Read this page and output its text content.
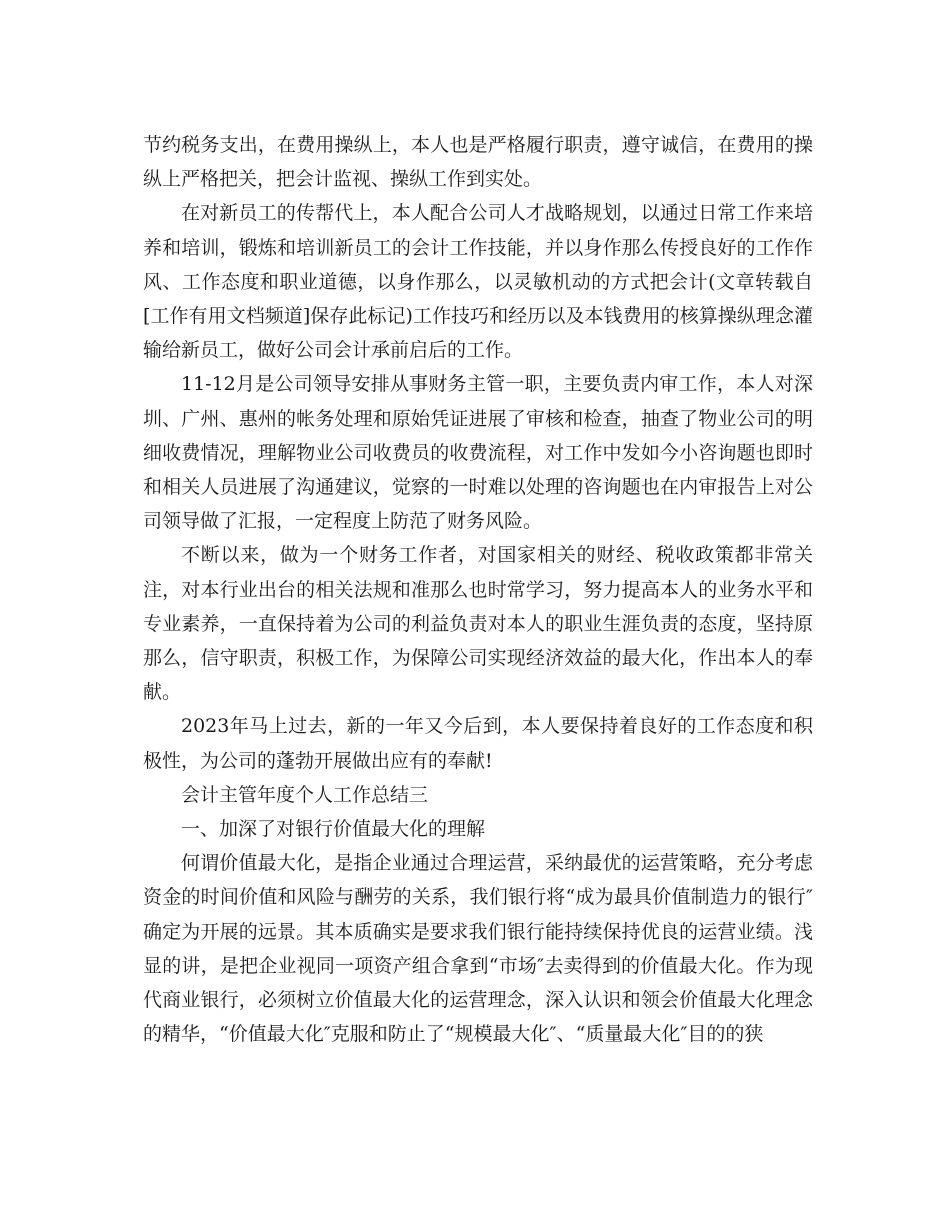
节约税务支出，在费用操纵上，本人也是严格履行职责，遵守诚信，在费用的操纵上严格把关，把会计监视、操纵工作到实处。

在对新员工的传帮代上，本人配合公司人才战略规划，以通过日常工作来培养和培训，锻炼和培训新员工的会计工作技能，并以身作那么传授良好的工作作风、工作态度和职业道德，以身作那么，以灵敏机动的方式把会计(文章转载自[工作有用文档频道]保存此标记)工作技巧和经历以及本钱费用的核算操纵理念灌输给新员工，做好公司会计承前启后的工作。

11-12月是公司领导安排从事财务主管一职，主要负责内审工作，本人对深圳、广州、惠州的帐务处理和原始凭证进展了审核和检查，抽查了物业公司的明细收费情况，理解物业公司收费员的收费流程，对工作中发如今小咨询题也即时和相关人员进展了沟通建议，觉察的一时难以处理的咨询题也在内审报告上对公司领导做了汇报，一定程度上防范了财务风险。

不断以来，做为一个财务工作者，对国家相关的财经、税收政策都非常关注，对本行业出台的相关法规和准那么也时常学习，努力提高本人的业务水平和专业素养，一直保持着为公司的利益负责对本人的职业生涯负责的态度，坚持原那么，信守职责，积极工作，为保障公司实现经济效益的最大化，作出本人的奉献。

2023年马上过去，新的一年又今后到，本人要保持着良好的工作态度和积极性，为公司的蓬勃开展做出应有的奉献!

会计主管年度个人工作总结三

一、加深了对银行价值最大化的理解

何谓价值最大化，是指企业通过合理运营，采纳最优的运营策略，充分考虑资金的时间价值和风险与酬劳的关系，我们银行将“成为最具价值制造力的银行″确定为开展的远景。其本质确实是要求我们银行能持续保持优良的运营业绩。浅显的讲，是把企业视同一项资产组合拿到“市场″去卖得到的价值最大化。作为现代商业银行，必须树立价值最大化的运营理念，深入认识和领会价值最大化理念的精华，“价值最大化″克服和防止了“规模最大化″、“质量最大化″目的的狭
